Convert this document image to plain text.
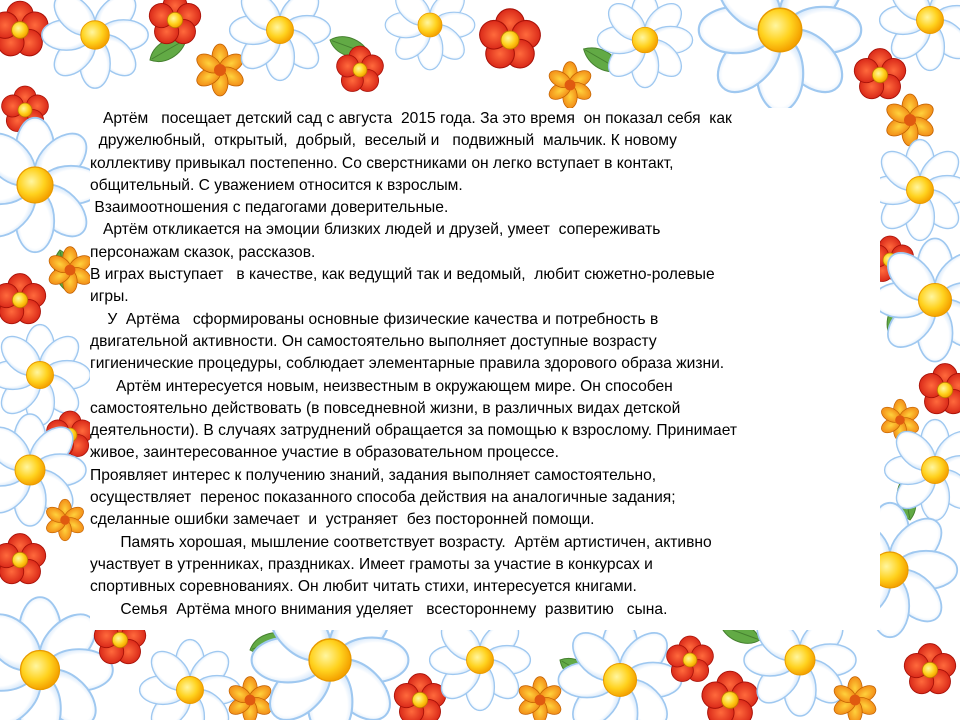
Артём   посещает детский сад с августа  2015 года. За это время  он показал себя  как

дружелюбный,  открытый,  добрый,  веселый и   подвижный  мальчик. К новому

коллективу привыкал постепенно. Со сверстниками он легко вступает в контакт,

общительный. С уважением относится к взрослым.

Взаимоотношения с педагогами доверительные.

Артём откликается на эмоции близких людей и друзей, умеет  сопереживать

персонажам сказок, рассказов.

В играх выступает   в качестве, как ведущий так и ведомый,  любит сюжетно-ролевые

игры.

У  Артёма   сформированы основные физические качества и потребность в

двигательной активности. Он самостоятельно выполняет доступные возрасту

гигиенические процедуры, соблюдает элементарные правила здорового образа жизни.

Артём интересуется новым, неизвестным в окружающем мире. Он способен

самостоятельно действовать (в повседневной жизни, в различных видах детской

деятельности). В случаях затруднений обращается за помощью к взрослому. Принимает

живое, заинтересованное участие в образовательном процессе.

Проявляет интерес к получению знаний, задания выполняет самостоятельно,

осуществляет  перенос показанного способа действия на аналогичные задания;

сделанные ошибки замечает  и  устраняет  без посторонней помощи.

Память хорошая, мышление соответствует возрасту.  Артём артистичен, активно

участвует в утренниках, праздниках. Имеет грамоты за участие в конкурсах и

спортивных соревнованиях. Он любит читать стихи, интересуется книгами.

Семья  Артёма много внимания уделяет   всестороннему  развитию   сына.
